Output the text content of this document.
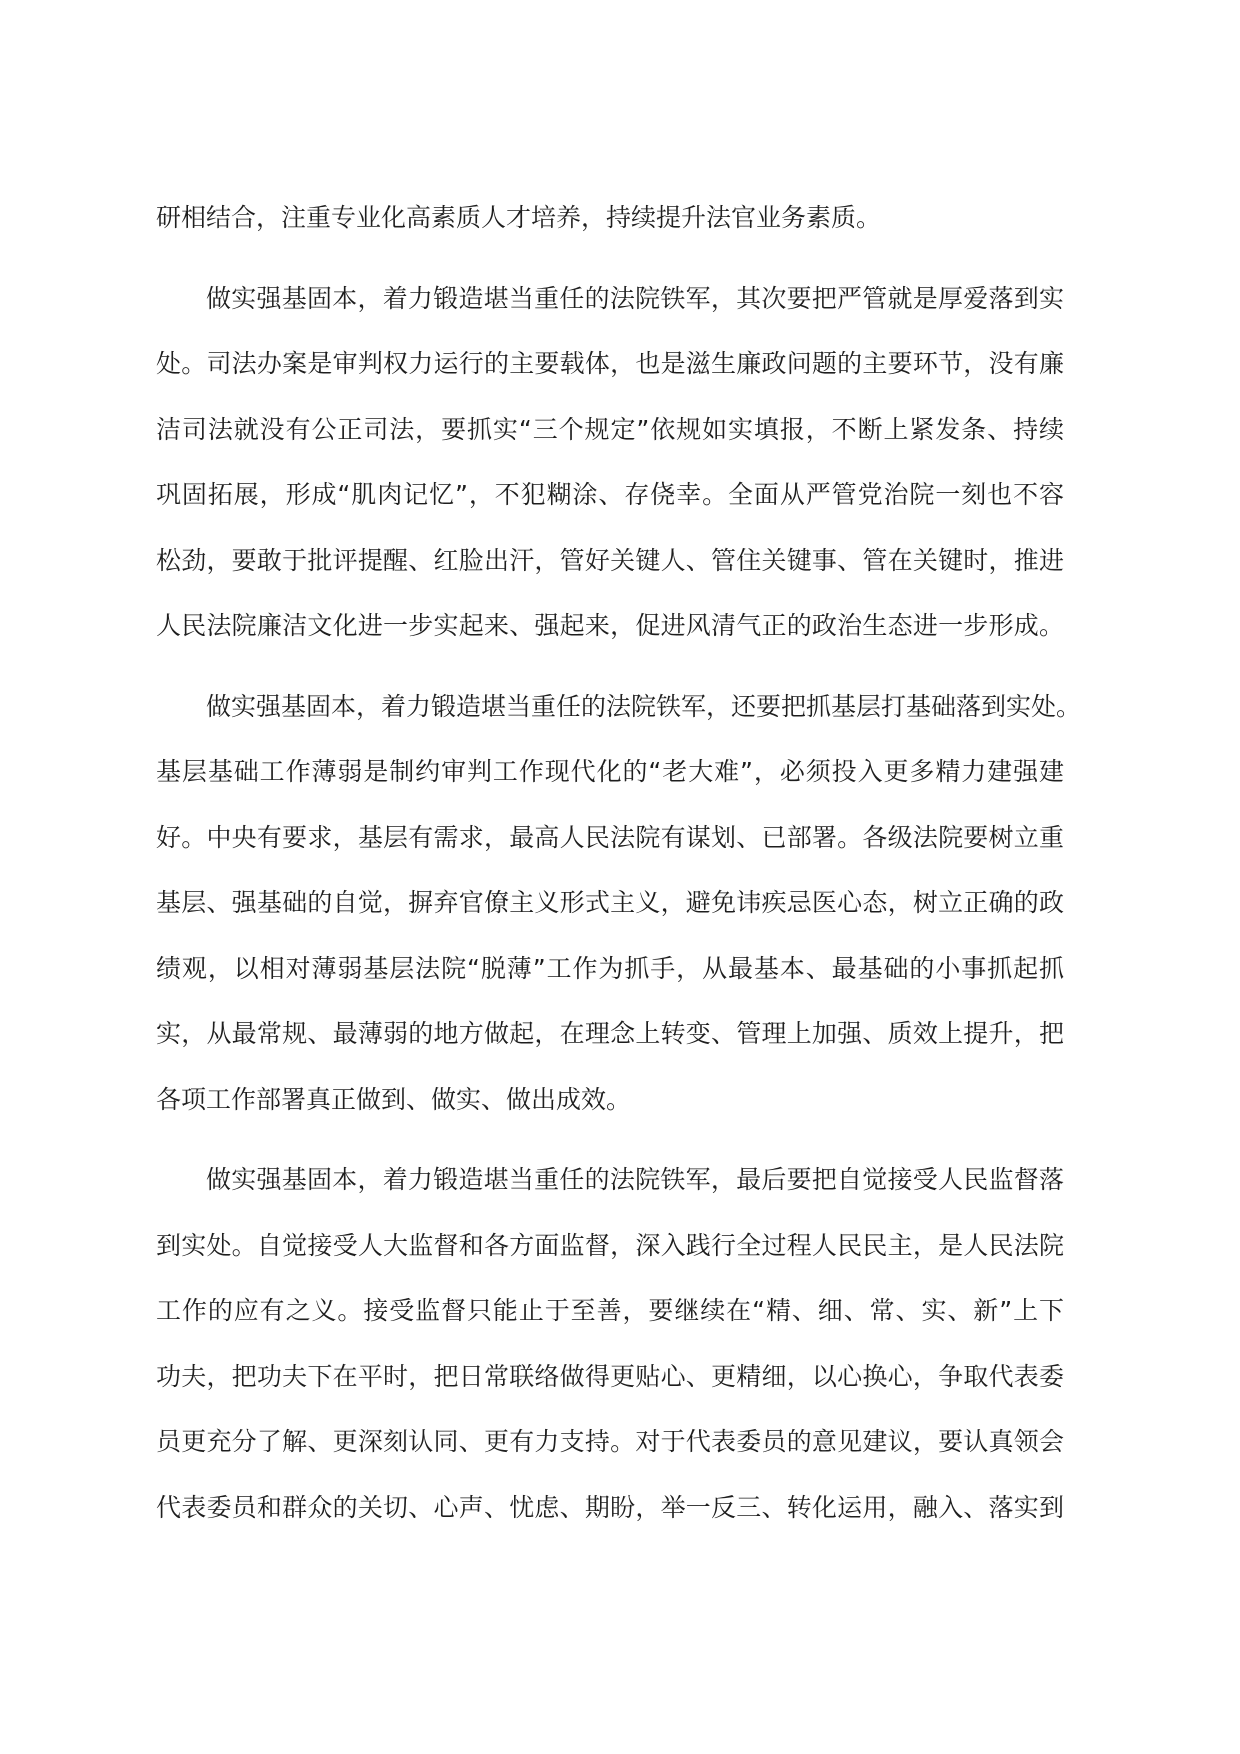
研相结合，注重专业化高素质人才培养，持续提升法官业务素质。
做实强基固本，着力锻造堪当重任的法院铁军，其次要把严管就是厚爱落到实
处。司法办案是审判权力运行的主要载体，也是滋生廉政问题的主要环节，没有廉
洁司法就没有公正司法，要抓实“三个规定”依规如实填报，不断上紧发条、持续
巩固拓展，形成“肌肉记忆”，不犯糊涂、存侥幸。全面从严管党治院一刻也不容
松劲，要敢于批评提醒、红脸出汗，管好关键人、管住关键事、管在关键时，推进
人民法院廉洁文化进一步实起来、强起来，促进风清气正的政治生态进一步形成。
做实强基固本，着力锻造堪当重任的法院铁军，还要把抓基层打基础落到实处。
基层基础工作薄弱是制约审判工作现代化的“老大难”，必须投入更多精力建强建
好。中央有要求，基层有需求，最高人民法院有谋划、已部署。各级法院要树立重
基层、强基础的自觉，摒弃官僚主义形式主义，避免讳疾忌医心态，树立正确的政
绩观，以相对薄弱基层法院“脱薄”工作为抓手，从最基本、最基础的小事抓起抓
实，从最常规、最薄弱的地方做起，在理念上转变、管理上加强、质效上提升，把
各项工作部署真正做到、做实、做出成效。
做实强基固本，着力锻造堪当重任的法院铁军，最后要把自觉接受人民监督落
到实处。自觉接受人大监督和各方面监督，深入践行全过程人民民主，是人民法院
工作的应有之义。接受监督只能止于至善，要继续在“精、细、常、实、新”上下
功夫，把功夫下在平时，把日常联络做得更贴心、更精细，以心换心，争取代表委
员更充分了解、更深刻认同、更有力支持。对于代表委员的意见建议，要认真领会
代表委员和群众的关切、心声、忧虑、期盼，举一反三、转化运用，融入、落实到
